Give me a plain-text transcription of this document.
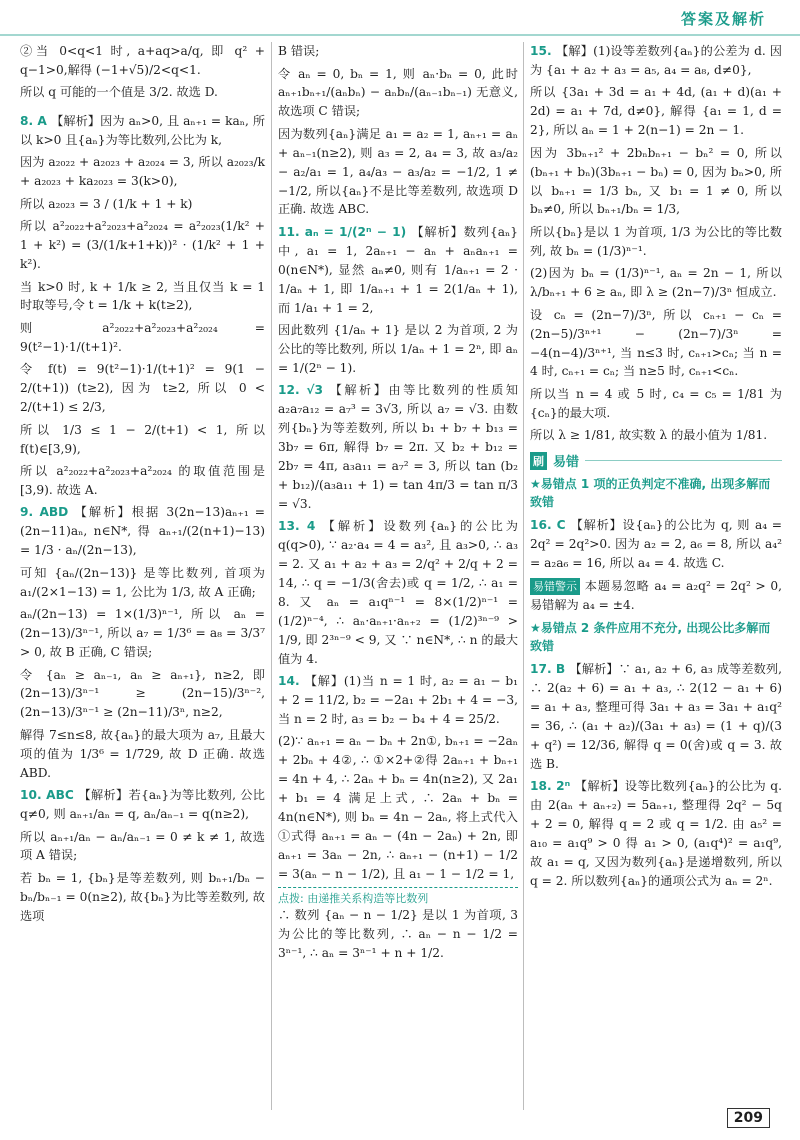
答案及解析
②当 0<q<1 时, a+aq>a/q, 即 q² + q−1>0,解得 (−1+√5)/2<q<1.
所以 q 可能的一个值是 3/2. 故选 D.
8. A 【解析】因为 aₙ>0, 且 aₙ₊₁ = kaₙ, 所以 k>0 且{aₙ}为等比数列,公比为 k,
因为 a₂₀₂₂ + a₂₀₂₃ + a₂₀₂₄ = 3, 所以 a₂₀₂₃/k + a₂₀₂₃ + ka₂₀₂₃ = 3(k>0),
所以 a₂₀₂₃ = 3 / (1/k + 1 + k)
所以 a²₂₀₂₂+a²₂₀₂₃+a²₂₀₂₄ = a²₂₀₂₃(1/k² + 1 + k²) = (3/(1/k+1+k))² · (1/k² + 1 + k²).
当 k>0 时, k + 1/k ≥ 2, 当且仅当 k = 1 时取等号,令 t = 1/k + k(t≥2),
则 a²₂₀₂₂+a²₂₀₂₃+a²₂₀₂₄ = 9(t²−1)·1/(t+1)².
令 f(t) = 9(t²−1)·1/(t+1)² = 9(1 − 2/(t+1)) (t≥2), 因为 t≥2, 所以 0 < 2/(t+1) ≤ 2/3,
所以 1/3 ≤ 1 − 2/(t+1) < 1, 所以 f(t)∈[3,9),
所以 a²₂₀₂₂+a²₂₀₂₃+a²₂₀₂₄ 的取值范围是 [3,9). 故选 A.
9. ABD 【解析】根据 3(2n−13)aₙ₊₁ = (2n−11)aₙ, n∈N*, 得 aₙ₊₁/(2(n+1)−13) = 1/3 · aₙ/(2n−13),
可知 {aₙ/(2n−13)} 是等比数列, 首项为 a₁/(2×1−13) = 1, 公比为 1/3, 故 A 正确;
aₙ/(2n−13) = 1×(1/3)ⁿ⁻¹, 所以 aₙ = (2n−13)/3ⁿ⁻¹, 所以 a₇ = 1/3⁶ = a₈ = 3/3⁷ > 0, 故 B 正确, C 错误;
令 {aₙ ≥ aₙ₋₁, aₙ ≥ aₙ₊₁}, n≥2, 即 (2n−13)/3ⁿ⁻¹ ≥ (2n−15)/3ⁿ⁻², (2n−13)/3ⁿ⁻¹ ≥ (2n−11)/3ⁿ, n≥2,
解得 7≤n≤8, 故{aₙ}的最大项为 a₇, 且最大项的值为 1/3⁶ = 1/729, 故 D 正确. 故选 ABD.
10. ABC 【解析】若{aₙ}为等比数列, 公比 q≠0, 则 aₙ₊₁/aₙ = q, aₙ/aₙ₋₁ = q(n≥2),
所以 aₙ₊₁/aₙ − aₙ/aₙ₋₁ = 0 ≠ k ≠ 1, 故选项 A 错误;
若 bₙ = 1, {bₙ}是等差数列, 则 bₙ₊₁/bₙ − bₙ/bₙ₋₁ = 0(n≥2), 故{bₙ}为比等差数列, 故选项
B 错误;
令 aₙ = 0, bₙ = 1, 则 aₙ·bₙ = 0, 此时 aₙ₊₁bₙ₊₁/(aₙbₙ) − aₙbₙ/(aₙ₋₁bₙ₋₁) 无意义, 故选项 C 错误;
因为数列{aₙ}满足 a₁ = a₂ = 1, aₙ₊₁ = aₙ + aₙ₋₁(n≥2), 则 a₃ = 2, a₄ = 3, 故 a₃/a₂ − a₂/a₁ = 1, a₄/a₃ − a₃/a₂ = −1/2, 1 ≠ −1/2, 所以{aₙ}不是比等差数列, 故选项 D 正确. 故选 ABC.
11. aₙ = 1/(2ⁿ − 1) 【解析】数列{aₙ}中, a₁ = 1, 2aₙ₊₁ − aₙ + aₙaₙ₊₁ = 0(n∈N*), 显然 aₙ≠0, 则有 1/aₙ₊₁ = 2 · 1/aₙ + 1, 即 1/aₙ₊₁ + 1 = 2(1/aₙ + 1), 而 1/a₁ + 1 = 2,
因此数列 {1/aₙ + 1} 是以 2 为首项, 2 为公比的等比数列, 所以 1/aₙ + 1 = 2ⁿ, 即 aₙ = 1/(2ⁿ − 1).
12. √3 【解析】由等比数列的性质知 a₂a₇a₁₂ = a₇³ = 3√3, 所以 a₇ = √3. 由数列{bₙ}为等差数列, 所以 b₁ + b₇ + b₁₃ = 3b₇ = 6π, 解得 b₇ = 2π. 又 b₂ + b₁₂ = 2b₇ = 4π, a₃a₁₁ = a₇² = 3, 所以 tan (b₂ + b₁₂)/(a₃a₁₁ + 1) = tan 4π/3 = tan π/3 = √3.
13. 4 【解析】设数列{aₙ}的公比为 q(q>0), ∵ a₂·a₄ = 4 = a₃², 且 a₃>0, ∴ a₃ = 2. 又 a₁ + a₂ + a₃ = 2/q² + 2/q + 2 = 14, ∴ q = −1/3(舍去)或 q = 1/2, ∴ a₁ = 8. 又 aₙ = a₁qⁿ⁻¹ = 8×(1/2)ⁿ⁻¹ = (1/2)ⁿ⁻⁴, ∴ aₙ·aₙ₊₁·aₙ₊₂ = (1/2)³ⁿ⁻⁹ > 1/9, 即 2³ⁿ⁻⁹ < 9, 又 ∵ n∈N*, ∴ n 的最大值为 4.
14. 【解】(1)当 n = 1 时, a₂ = a₁ − b₁ + 2 = 11/2, b₂ = −2a₁ + 2b₁ + 4 = −3, 当 n = 2 时, a₃ = b₂ − b₄ + 4 = 25/2.
(2)∵ aₙ₊₁ = aₙ − bₙ + 2n①, bₙ₊₁ = −2aₙ + 2bₙ + 4②, ∴ ①×2+②得 2aₙ₊₁ + bₙ₊₁ = 4n + 4, ∴ 2aₙ + bₙ = 4n(n≥2), 又 2a₁ + b₁ = 4 满足上式, ∴ 2aₙ + bₙ = 4n(n∈N*), 则 bₙ = 4n − 2aₙ, 将上式代入①式得 aₙ₊₁ = aₙ − (4n − 2aₙ) + 2n, 即 aₙ₊₁ = 3aₙ − 2n, ∴ aₙ₊₁ − (n+1) − 1/2 = 3(aₙ − n − 1/2), 且 a₁ − 1 − 1/2 = 1,
点拨: 由递推关系构造等比数列
∴ 数列 {aₙ − n − 1/2} 是以 1 为首项, 3 为公比的等比数列, ∴ aₙ − n − 1/2 = 3ⁿ⁻¹, ∴ aₙ = 3ⁿ⁻¹ + n + 1/2.
15. 【解】(1)设等差数列{aₙ}的公差为 d. 因为 {a₁ + a₂ + a₃ = a₅, a₄ = a₈, d≠0},
所以 {3a₁ + 3d = a₁ + 4d, (a₁ + d)(a₁ + 2d) = a₁ + 7d, d≠0}, 解得 {a₁ = 1, d = 2}, 所以 aₙ = 1 + 2(n−1) = 2n − 1.
因为 3bₙ₊₁² + 2bₙbₙ₊₁ − bₙ² = 0, 所以 (bₙ₊₁ + bₙ)(3bₙ₊₁ − bₙ) = 0, 因为 bₙ>0, 所以 bₙ₊₁ = 1/3 bₙ, 又 b₁ = 1 ≠ 0, 所以 bₙ≠0, 所以 bₙ₊₁/bₙ = 1/3,
所以{bₙ}是以 1 为首项, 1/3 为公比的等比数列, 故 bₙ = (1/3)ⁿ⁻¹.
(2)因为 bₙ = (1/3)ⁿ⁻¹, aₙ = 2n − 1, 所以 λ/bₙ₊₁ + 6 ≥ aₙ, 即 λ ≥ (2n−7)/3ⁿ 恒成立.
设 cₙ = (2n−7)/3ⁿ, 所以 cₙ₊₁ − cₙ = (2n−5)/3ⁿ⁺¹ − (2n−7)/3ⁿ = −4(n−4)/3ⁿ⁺¹, 当 n≤3 时, cₙ₊₁>cₙ; 当 n = 4 时, cₙ₊₁ = cₙ; 当 n≥5 时, cₙ₊₁<cₙ.
所以当 n = 4 或 5 时, c₄ = c₅ = 1/81 为{cₙ}的最大项.
所以 λ ≥ 1/81, 故实数 λ 的最小值为 1/81.
刷 易错
★易错点 1 项的正负判定不准确, 出现多解而致错
16. C 【解析】设{aₙ}的公比为 q, 则 a₄ = 2q² = 2q²>0. 因为 a₂ = 2, a₆ = 8, 所以 a₄² = a₂a₆ = 16, 所以 a₄ = 4. 故选 C.
易错警示 本题易忽略 a₄ = a₂q² = 2q² > 0, 易错解为 a₄ = ±4.
★易错点 2 条件应用不充分, 出现公比多解而致错
17. B 【解析】∵ a₁, a₂ + 6, a₃ 成等差数列, ∴ 2(a₂ + 6) = a₁ + a₃, ∴ 2(12 − a₁ + 6) = a₁ + a₃, 整理可得 3a₁ + a₃ = 3a₁ + a₁q² = 36, ∴ (a₁ + a₂)/(3a₁ + a₃) = (1 + q)/(3 + q²) = 12/36, 解得 q = 0(舍)或 q = 3. 故选 B.
18. 2ⁿ 【解析】设等比数列{aₙ}的公比为 q. 由 2(aₙ + aₙ₊₂) = 5aₙ₊₁, 整理得 2q² − 5q + 2 = 0, 解得 q = 2 或 q = 1/2. 由 a₅² = a₁₀ = a₁q⁹ > 0 得 a₁ > 0, (a₁q⁴)² = a₁q⁹, 故 a₁ = q, 又因为数列{aₙ}是递增数列, 所以 q = 2. 所以数列{aₙ}的通项公式为 aₙ = 2ⁿ.
209
